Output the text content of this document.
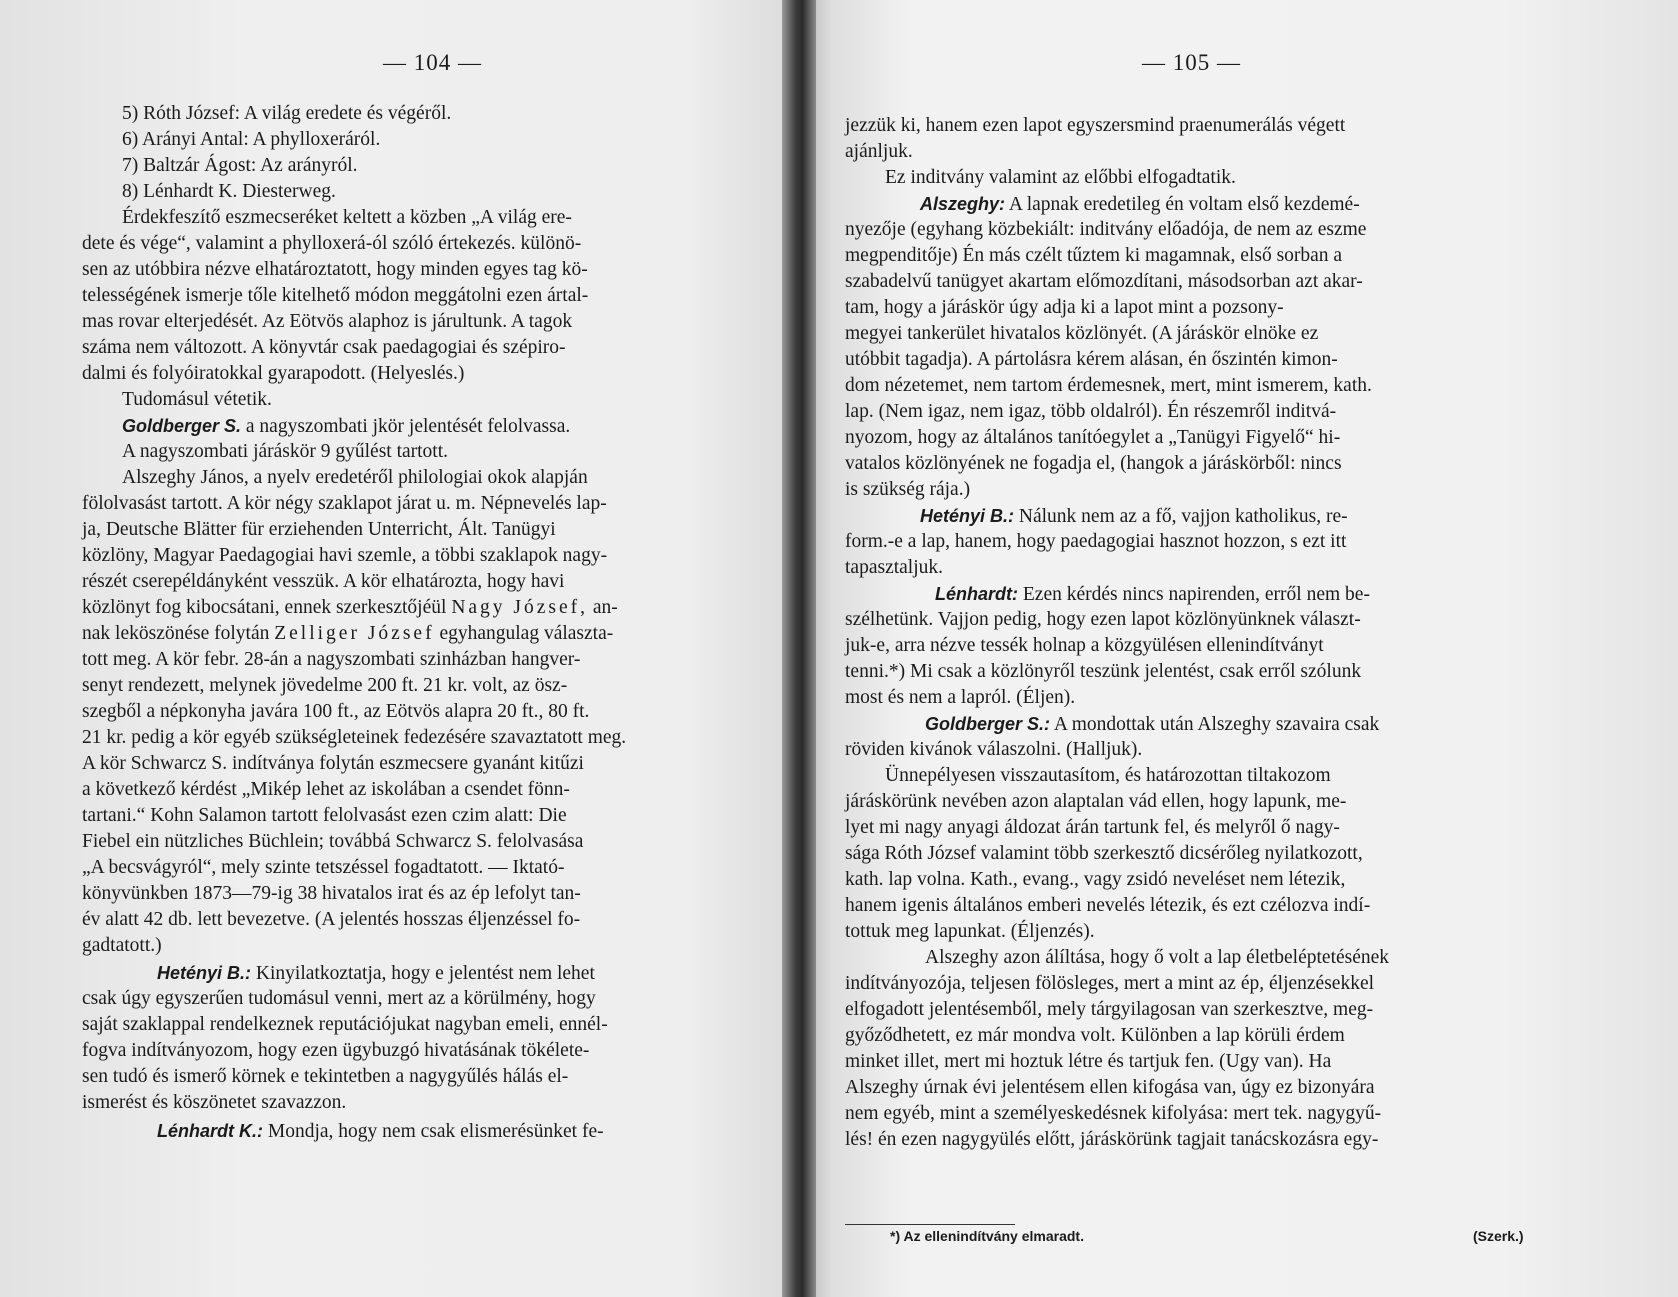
— 104 —
5) Róth József: A világ eredete és végéről.
6) Arányi Antal: A phylloxeráról.
7) Baltzár Ágost: Az arányról.
8) Lénhardt K. Diesterweg.
Érdekfeszítő eszmecseréket keltett a közben „A világ ere-
dete és vége“, valamint a phylloxerá-ól szóló értekezés. különö-
sen az utóbbira nézve elhatároztatott, hogy minden egyes tag kö-
telességének ismerje tőle kitelhető módon meggátolni ezen ártal-
mas rovar elterjedését. Az Eötvös alaphoz is járultunk. A tagok
száma nem változott. A könyvtár csak paedagogiai és szépiro-
dalmi és folyóiratokkal gyarapodott. (Helyeslés.)
Tudomásul vétetik.
Goldberger S. a nagyszombati jkör jelentését felolvassa.
A nagyszombati járáskör 9 gyűlést tartott.
Alszeghy János, a nyelv eredetéről philologiai okok alapján
fölolvasást tartott. A kör négy szaklapot járat u. m. Népnevelés lap-
ja, Deutsche Blätter für erziehenden Unterricht, Ált. Tanügyi
közlöny, Magyar Paedagogiai havi szemle, a többi szaklapok nagy-
részét cserepéldányként vesszük. A kör elhatározta, hogy havi
közlönyt fog kibocsátani, ennek szerkesztőjéül Nagy József, an-
nak leköszönése folytán Zelliger József egyhangulag választa-
tott meg. A kör febr. 28-án a nagyszombati szinházban hangver-
senyt rendezett, melynek jövedelme 200 ft. 21 kr. volt, az ösz-
szegből a népkonyha javára 100 ft., az Eötvös alapra 20 ft., 80 ft.
21 kr. pedig a kör egyéb szükségleteinek fedezésére szavaztatott meg.
A kör Schwarcz S. indítványa folytán eszmecsere gyanánt kitűzi
a következő kérdést „Mikép lehet az iskolában a csendet fönn-
tartani.“ Kohn Salamon tartott felolvasást ezen czim alatt: Die
Fiebel ein nützliches Büchlein; továbbá Schwarcz S. felolvasása
„A becsvágyról“, mely szinte tetszéssel fogadtatott. — Iktató-
könyvünkben 1873—79-ig 38 hivatalos irat és az ép lefolyt tan-
év alatt 42 db. lett bevezetve. (A jelentés hosszas éljenzéssel fo-
gadtatott.)
Hetényi B.: Kinyilatkoztatja, hogy e jelentést nem lehet
csak úgy egyszerűen tudomásul venni, mert az a körülmény, hogy
saját szaklappal rendelkeznek reputációjukat nagyban emeli, ennél-
fogva indítványozom, hogy ezen ügybuzgó hivatásának tökélete-
sen tudó és ismerő körnek e tekintetben a nagygyűlés hálás el-
ismerést és köszönetet szavazzon.
Lénhardt K.: Mondja, hogy nem csak elismerésünket fe-
— 105 —
jezzük ki, hanem ezen lapot egyszersmind praenumerálás végett
ajánljuk.
Ez inditvány valamint az előbbi elfogadtatik.
Alszeghy: A lapnak eredetileg én voltam első kezdemé-
nyezője (egyhang közbekiált: inditvány előadója, de nem az eszme
megpenditője) Én más czélt tűztem ki magamnak, első sorban a
szabadelvű tanügyet akartam előmozdítani, másodsorban azt akar-
tam, hogy a járáskör úgy adja ki a lapot mint a pozsony-
megyei tankerület hivatalos közlönyét. (A járáskör elnöke ez
utóbbit tagadja). A pártolásra kérem alásan, én őszintén kimon-
dom nézetemet, nem tartom érdemesnek, mert, mint ismerem, kath.
lap. (Nem igaz, nem igaz, több oldalról). Én részemről inditvá-
nyozom, hogy az általános tanítóegylet a „Tanügyi Figyelő“ hi-
vatalos közlönyének ne fogadja el, (hangok a járáskörből: nincs
is szükség rája.)
Hetényi B.: Nálunk nem az a fő, vajjon katholikus, re-
form.-e a lap, hanem, hogy paedagogiai hasznot hozzon, s ezt itt
tapasztaljuk.
Lénhardt: Ezen kérdés nincs napirenden, erről nem be-
szélhetünk. Vajjon pedig, hogy ezen lapot közlönyünknek választ-
juk-e, arra nézve tessék holnap a közgyülésen ellenindítványt
tenni.*) Mi csak a közlönyről teszünk jelentést, csak erről szólunk
most és nem a lapról. (Éljen).
Goldberger S.: A mondottak után Alszeghy szavaira csak
röviden kivánok válaszolni. (Halljuk).
Ünnepélyesen visszautasítom, és határozottan tiltakozom
járáskörünk nevében azon alaptalan vád ellen, hogy lapunk, me-
lyet mi nagy anyagi áldozat árán tartunk fel, és melyről ő nagy-
sága Róth József valamint több szerkesztő dicsérőleg nyilatkozott,
kath. lap volna. Kath., evang., vagy zsidó neveléset nem létezik,
hanem igenis általános emberi nevelés létezik, és ezt czélozva indí-
tottuk meg lapunkat. (Éljenzés).
Alszeghy azon álíltása, hogy ő volt a lap életbeléptetésének
indítványozója, teljesen fölösleges, mert a mint az ép, éljenzésekkel
elfogadott jelentésemből, mely tárgyilagosan van szerkesztve, meg-
győződhetett, ez már mondva volt. Különben a lap körüli érdem
minket illet, mert mi hoztuk létre és tartjuk fen. (Ugy van). Ha
Alszeghy úrnak évi jelentésem ellen kifogása van, úgy ez bizonyára
nem egyéb, mint a személyeskedésnek kifolyása: mert tek. nagygyű-
lés! én ezen nagygyülés előtt, járáskörünk tagjait tanácskozásra egy-
*) Az ellenindítvány elmaradt.	(Szerk.)
